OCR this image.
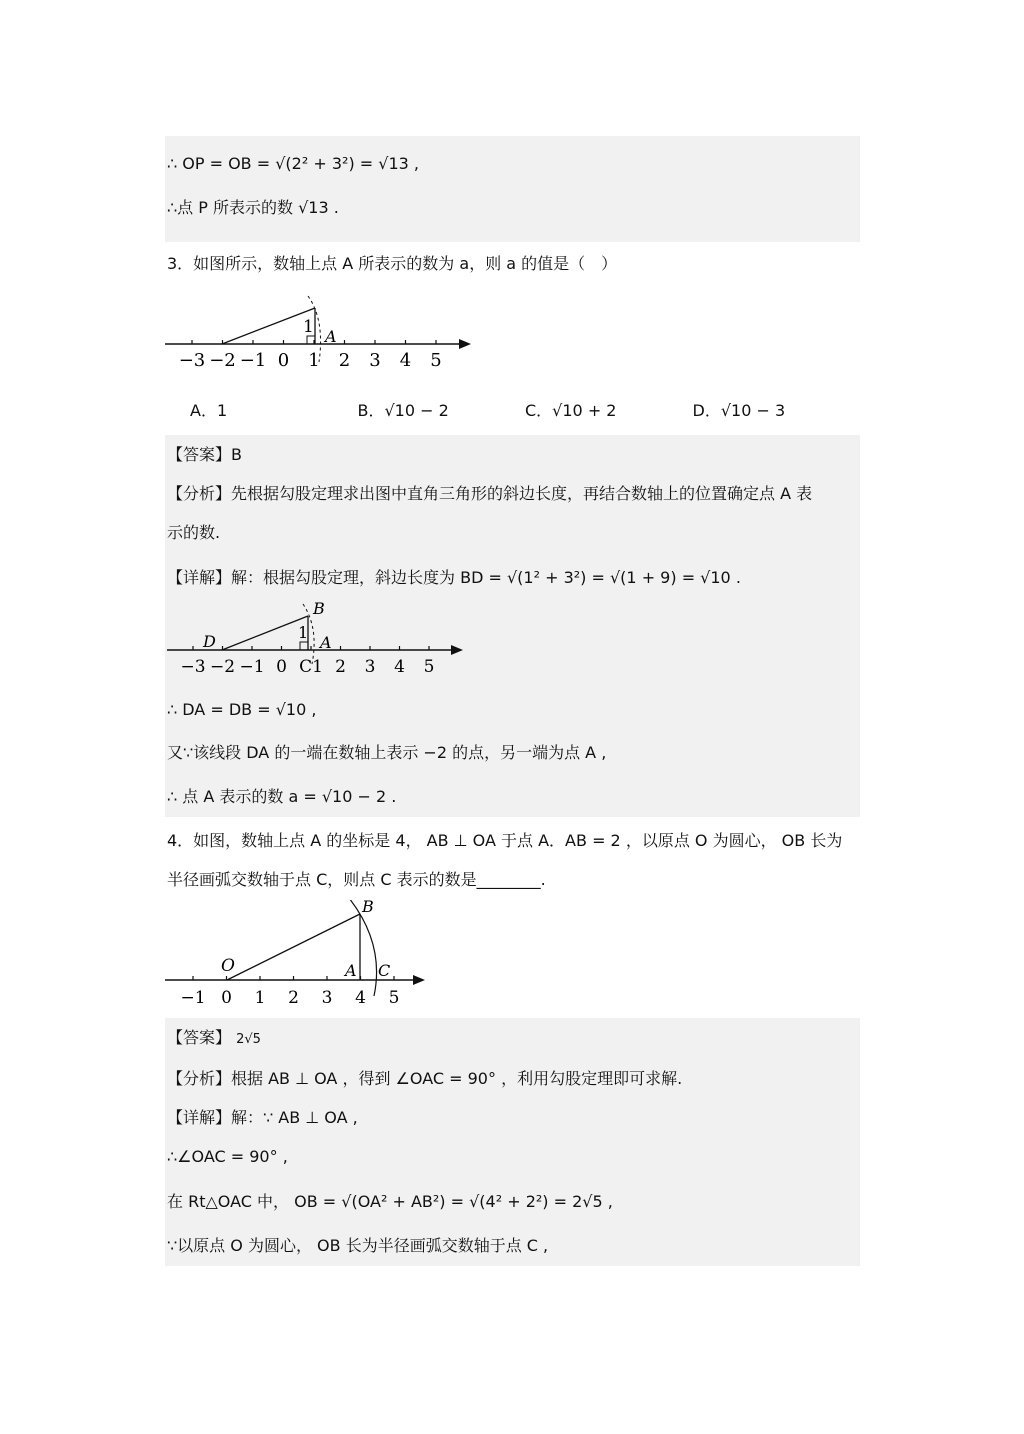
∴ OP = OB = √(2² + 3²) = √13 ,
∴点 P 所表示的数 √13 .
3．如图所示，数轴上点 A 所表示的数为 a，则 a 的值是（　）
−3 −2 −1 0 1 2 3 4 5
1 A
A．1	B．√10 − 2	C．√10 + 2	D．√10 − 3
【答案】B
【分析】先根据勾股定理求出图中直角三角形的斜边长度，再结合数轴上的位置确定点 A 表
示的数.
【详解】解：根据勾股定理，斜边长度为 BD = √(1² + 3²) = √(1 + 9) = √10 .
−3 −2 −1 0 C1 2 3 4 5
B
D	A
1
∴ DA = DB = √10 ,
又∵该线段 DA 的一端在数轴上表示 −2 的点，另一端为点 A ,
∴ 点 A 表示的数 a = √10 − 2 .
4．如图，数轴上点 A 的坐标是 4， AB ⊥ OA 于点 A．AB = 2 ，以原点 O 为圆心， OB 长为
半径画弧交数轴于点 C，则点 C 表示的数是________.
−1 0 1 2 3 4 5
O	A
B
C
【答案】 2√5
【分析】根据 AB ⊥ OA ，得到 ∠OAC = 90° ，利用勾股定理即可求解.
【详解】解：∵ AB ⊥ OA ,
∴∠OAC = 90° ,
在 Rt△OAC 中， OB = √(OA² + AB²) = √(4² + 2²) = 2√5 ,
∵以原点 O 为圆心， OB 长为半径画弧交数轴于点 C ,
